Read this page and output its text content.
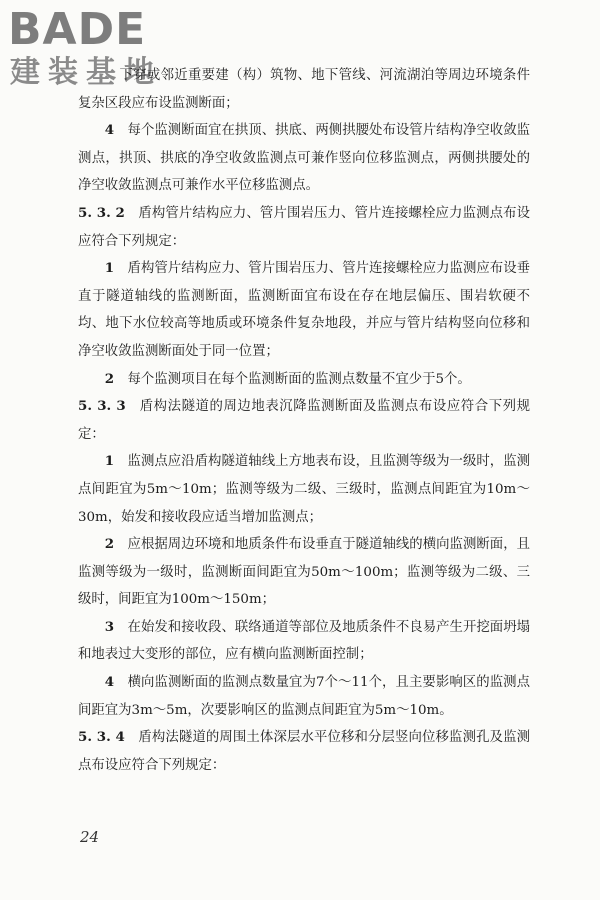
BADE
建装基地

下穿或邻近重要建（构）筑物、地下管线、河流湖泊等周边环境条件复杂区段应布设监测断面；

4  每个监测断面宜在拱顶、拱底、两侧拱腰处布设管片结构净空收敛监测点，拱顶、拱底的净空收敛监测点可兼作竖向位移监测点，两侧拱腰处的净空收敛监测点可兼作水平位移监测点。

5. 3. 2  盾构管片结构应力、管片围岩压力、管片连接螺栓应力监测点布设应符合下列规定：

1  盾构管片结构应力、管片围岩压力、管片连接螺栓应力监测应布设垂直于隧道轴线的监测断面，监测断面宜布设在存在地层偏压、围岩软硬不均、地下水位较高等地质或环境条件复杂地段，并应与管片结构竖向位移和净空收敛监测断面处于同一位置；

2  每个监测项目在每个监测断面的监测点数量不宜少于5个。

5. 3. 3  盾构法隧道的周边地表沉降监测断面及监测点布设应符合下列规定：

1  监测点应沿盾构隧道轴线上方地表布设，且监测等级为一级时，监测点间距宜为5m～10m；监测等级为二级、三级时，监测点间距宜为10m～30m，始发和接收段应适当增加监测点；

2  应根据周边环境和地质条件布设垂直于隧道轴线的横向监测断面，且监测等级为一级时，监测断面间距宜为50m～100m；监测等级为二级、三级时，间距宜为100m～150m；

3  在始发和接收段、联络通道等部位及地质条件不良易产生开挖面坍塌和地表过大变形的部位，应有横向监测断面控制；

4  横向监测断面的监测点数量宜为7个～11个，且主要影响区的监测点间距宜为3m～5m，次要影响区的监测点间距宜为5m～10m。

5. 3. 4  盾构法隧道的周围土体深层水平位移和分层竖向位移监测孔及监测点布设应符合下列规定：

24
